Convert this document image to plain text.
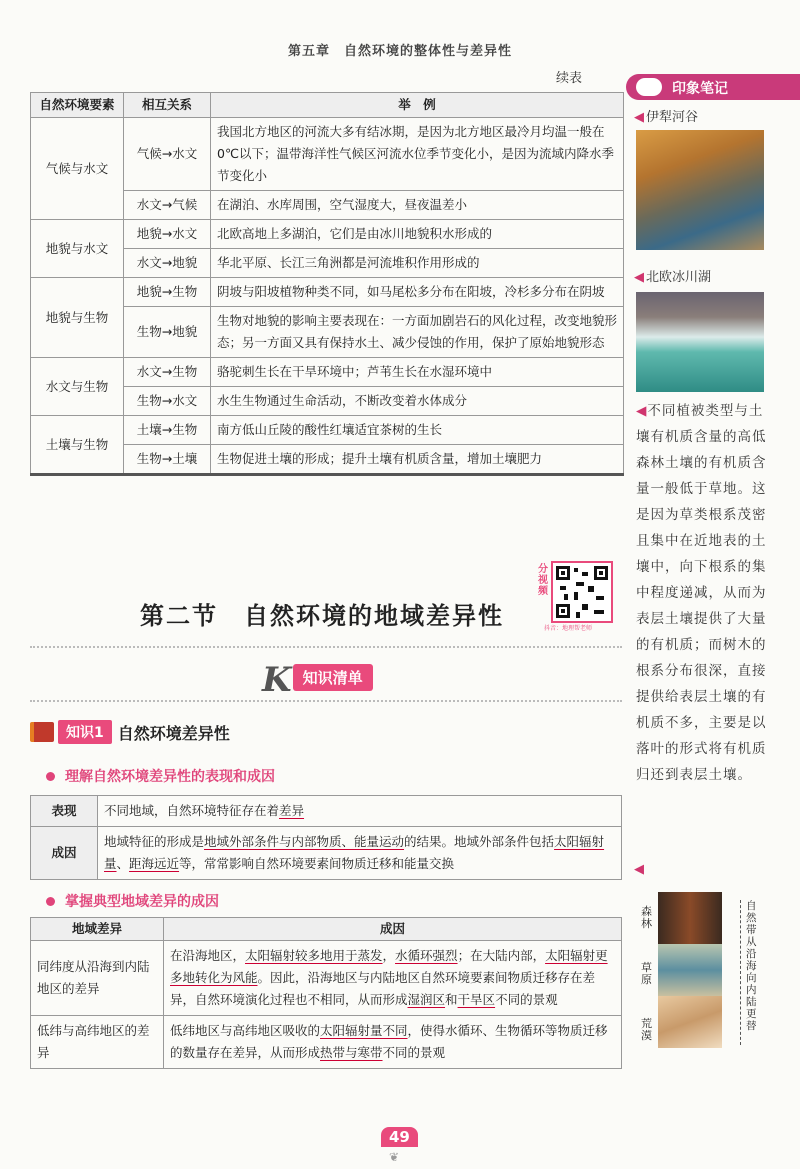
第五章　自然环境的整体性与差异性
续表
自然环境要素	相互关系	举　例
气候与水文	气候→水文	我国北方地区的河流大多有结冰期，是因为北方地区最冷月均温一般在0℃以下；温带海洋性气候区河流水位季节变化小，是因为流域内降水季节变化小
	水文→气候	在湖泊、水库周围，空气湿度大，昼夜温差小
地貌与水文	地貌→水文	北欧高地上多湖泊，它们是由冰川地貌积水形成的
	水文→地貌	华北平原、长江三角洲都是河流堆积作用形成的
地貌与生物	地貌→生物	阴坡与阳坡植物种类不同，如马尾松多分布在阳坡，冷杉多分布在阴坡
	生物→地貌	生物对地貌的影响主要表现在：一方面加剧岩石的风化过程，改变地貌形态；另一方面又具有保持水土、减少侵蚀的作用，保护了原始地貌形态
水文与生物	水文→生物	骆驼刺生长在干旱环境中；芦苇生长在水湿环境中
	生物→水文	水生生物通过生命活动，不断改变着水体成分
土壤与生物	土壤→生物	南方低山丘陵的酸性红壤适宜茶树的生长
	生物→土壤	生物促进土壤的形成；提升土壤有机质含量，增加土壤肥力
第二节　自然环境的地域差异性
分视频
抖音：地理帮老师
K 知识清单
知识1 自然环境差异性
理解自然环境差异性的表现和成因
表现	不同地域，自然环境特征存在着差异
成因	地域特征的形成是地域外部条件与内部物质、能量运动的结果。地域外部条件包括太阳辐射量、距海远近等，常常影响自然环境要素间物质迁移和能量交换
掌握典型地域差异的成因
地域差异	成因
同纬度从沿海到内陆地区的差异	在沿海地区，太阳辐射较多地用于蒸发，水循环强烈；在大陆内部，太阳辐射更多地转化为风能。因此，沿海地区与内陆地区自然环境要素间物质迁移存在差异，自然环境演化过程也不相同，从而形成湿润区和干旱区不同的景观
低纬与高纬地区的差异	低纬地区与高纬地区吸收的太阳辐射量不同，使得水循环、生物循环等物质迁移的数量存在差异，从而形成热带与寒带不同的景观
49
❦
印象笔记
◀ 伊犁河谷
◀ 北欧冰川湖
◀不同植被类型与土壤有机质含量的高低
森林土壤的有机质含量一般低于草地。这是因为草类根系茂密且集中在近地表的土壤中，向下根系的集中程度递减，从而为表层土壤提供了大量的有机质；而树木的根系分布很深，直接提供给表层土壤的有机质不多，主要是以落叶的形式将有机质归还到表层土壤。
◀
森林
草原
荒漠
自然带从沿海向内陆更替
